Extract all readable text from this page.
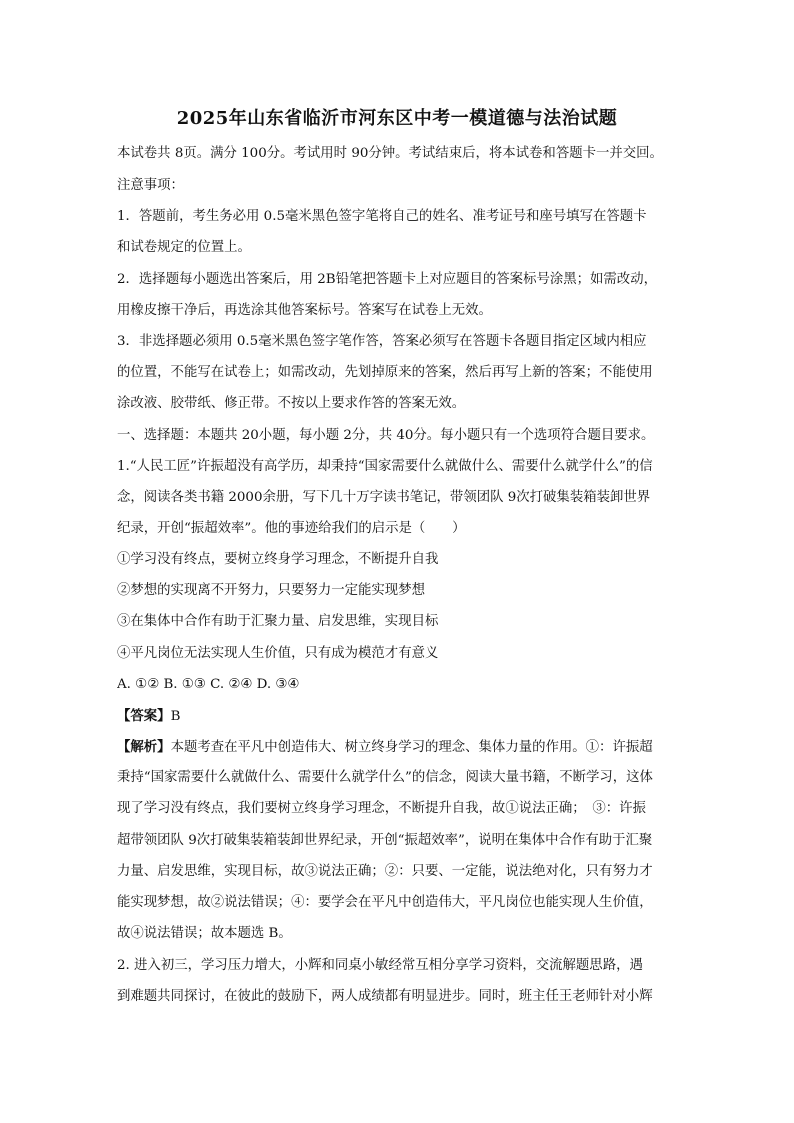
2025年山东省临沂市河东区中考一模道德与法治试题
本试卷共 8页。满分 100分。考试用时 90分钟。考试结束后，将本试卷和答题卡一并交回。
注意事项：
1．答题前，考生务必用 0.5毫米黑色签字笔将自己的姓名、准考证号和座号填写在答题卡
和试卷规定的位置上。
2．选择题每小题选出答案后，用 2B铅笔把答题卡上对应题目的答案标号涂黑；如需改动，
用橡皮擦干净后，再选涂其他答案标号。答案写在试卷上无效。
3．非选择题必须用 0.5毫米黑色签字笔作答，答案必须写在答题卡各题目指定区域内相应
的位置，不能写在试卷上；如需改动，先划掉原来的答案，然后再写上新的答案；不能使用
涂改液、胶带纸、修正带。不按以上要求作答的答案无效。
一、选择题：本题共 20小题，每小题 2分，共 40分。每小题只有一个选项符合题目要求。
1.“人民工匠”许振超没有高学历，却秉持“国家需要什么就做什么、需要什么就学什么”的信
念，阅读各类书籍 2000余册，写下几十万字读书笔记，带领团队 9次打破集装箱装卸世界
纪录，开创“振超效率”。他的事迹给我们的启示是（　　）
①学习没有终点，要树立终身学习理念，不断提升自我
②梦想的实现离不开努力，只要努力一定能实现梦想
③在集体中合作有助于汇聚力量、启发思维，实现目标
④平凡岗位无法实现人生价值，只有成为模范才有意义
A. ①② B. ①③ C. ②④ D. ③④
【答案】B
【解析】本题考查在平凡中创造伟大、树立终身学习的理念、集体力量的作用。①：许振超
秉持“国家需要什么就做什么、需要什么就学什么”的信念，阅读大量书籍，不断学习，这体
现了学习没有终点，我们要树立终身学习理念，不断提升自我，故①说法正确；　③：许振
超带领团队 9次打破集装箱装卸世界纪录，开创“振超效率”，说明在集体中合作有助于汇聚
力量、启发思维，实现目标，故③说法正确；②：只要、一定能，说法绝对化，只有努力才
能实现梦想，故②说法错误；④：要学会在平凡中创造伟大，平凡岗位也能实现人生价值，
故④说法错误；故本题选 B。
2. 进入初三，学习压力增大，小辉和同桌小敏经常互相分享学习资料，交流解题思路，遇
到难题共同探讨，在彼此的鼓励下，两人成绩都有明显进步。同时，班主任王老师针对小辉
